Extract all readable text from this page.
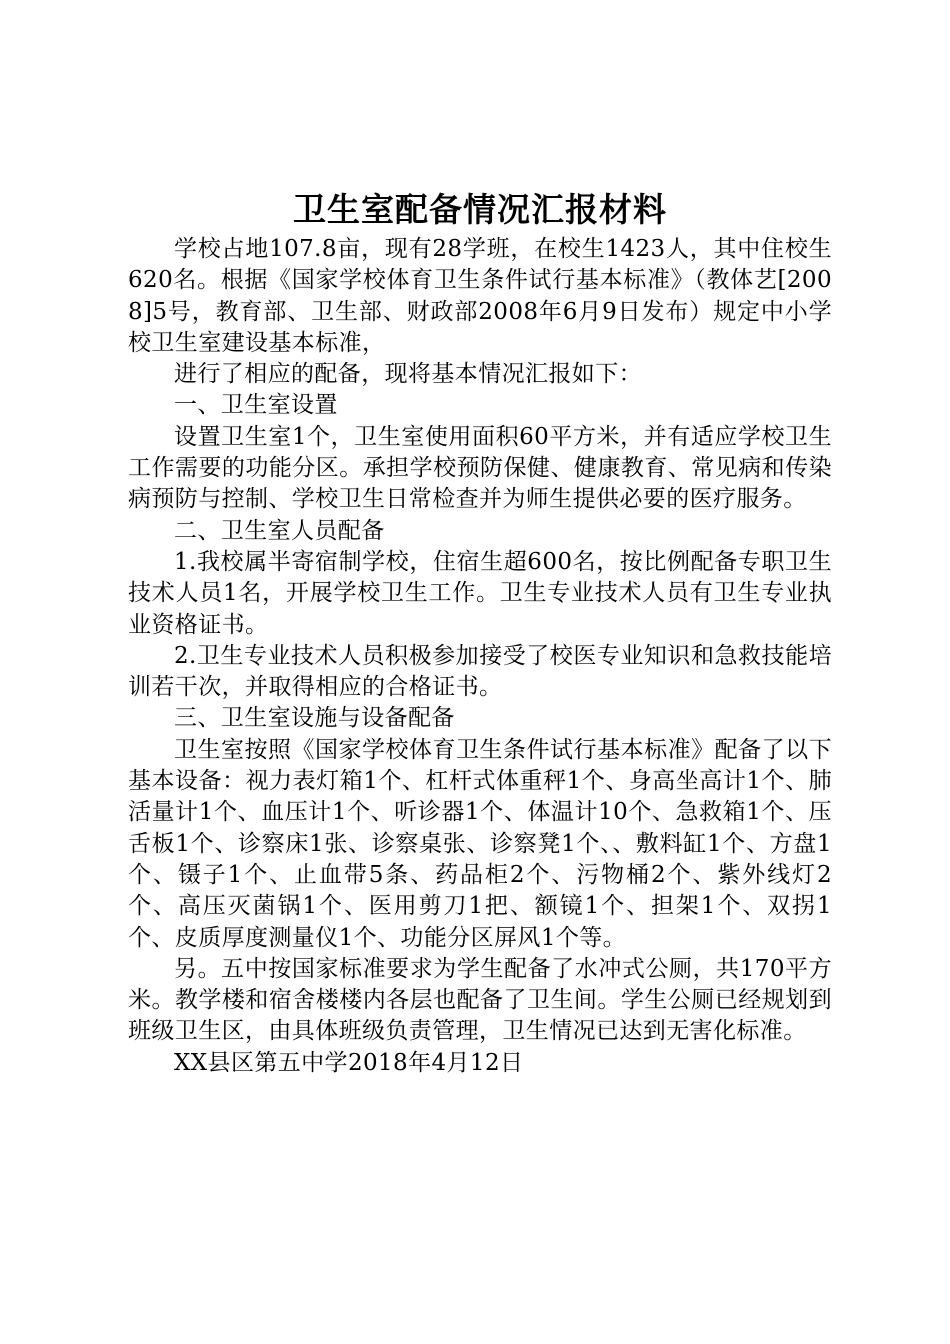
卫生室配备情况汇报材料

学校占地107.8亩，现有28学班，在校生1423人，其中住校生620名。根据《国家学校体育卫生条件试行基本标准》（教体艺[2008]5号，教育部、卫生部、财政部2008年6月9日发布）规定中小学校卫生室建设基本标准，

进行了相应的配备，现将基本情况汇报如下：

一、卫生室设置

设置卫生室1个，卫生室使用面积60平方米，并有适应学校卫生工作需要的功能分区。承担学校预防保健、健康教育、常见病和传染病预防与控制、学校卫生日常检查并为师生提供必要的医疗服务。

二、卫生室人员配备

1.我校属半寄宿制学校，住宿生超600名，按比例配备专职卫生技术人员1名，开展学校卫生工作。卫生专业技术人员有卫生专业执业资格证书。

2.卫生专业技术人员积极参加接受了校医专业知识和急救技能培训若干次，并取得相应的合格证书。

三、卫生室设施与设备配备

卫生室按照《国家学校体育卫生条件试行基本标准》配备了以下基本设备：视力表灯箱1个、杠杆式体重秤1个、身高坐高计1个、肺活量计1个、血压计1个、听诊器1个、体温计10个、急救箱1个、压舌板1个、诊察床1张、诊察桌张、诊察凳1个、、敷料缸1个、方盘1个、镊子1个、止血带5条、药品柜2个、污物桶2个、紫外线灯2个、高压灭菌锅1个、医用剪刀1把、额镜1个、担架1个、双拐1个、皮质厚度测量仪1个、功能分区屏风1个等。

另。五中按国家标准要求为学生配备了水冲式公厕，共170平方米。教学楼和宿舍楼楼内各层也配备了卫生间。学生公厕已经规划到班级卫生区，由具体班级负责管理，卫生情况已达到无害化标准。

XX县区第五中学2018年4月12日
